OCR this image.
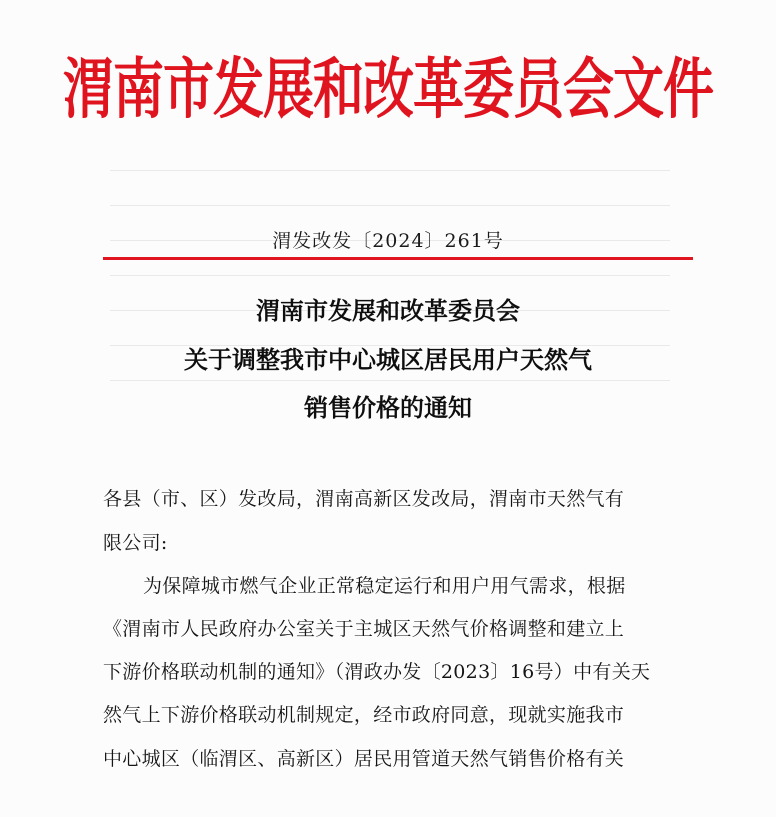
渭南市发展和改革委员会文件
渭发改发〔2024〕261号
渭南市发展和改革委员会
关于调整我市中心城区居民用户天然气
销售价格的通知
各县（市、区）发改局，渭南高新区发改局，渭南市天然气有
限公司:
为保障城市燃气企业正常稳定运行和用户用气需求，根据
《渭南市人民政府办公室关于主城区天然气价格调整和建立上
下游价格联动机制的通知》（渭政办发〔2023〕16号）中有关天
然气上下游价格联动机制规定，经市政府同意，现就实施我市
中心城区（临渭区、高新区）居民用管道天然气销售价格有关
